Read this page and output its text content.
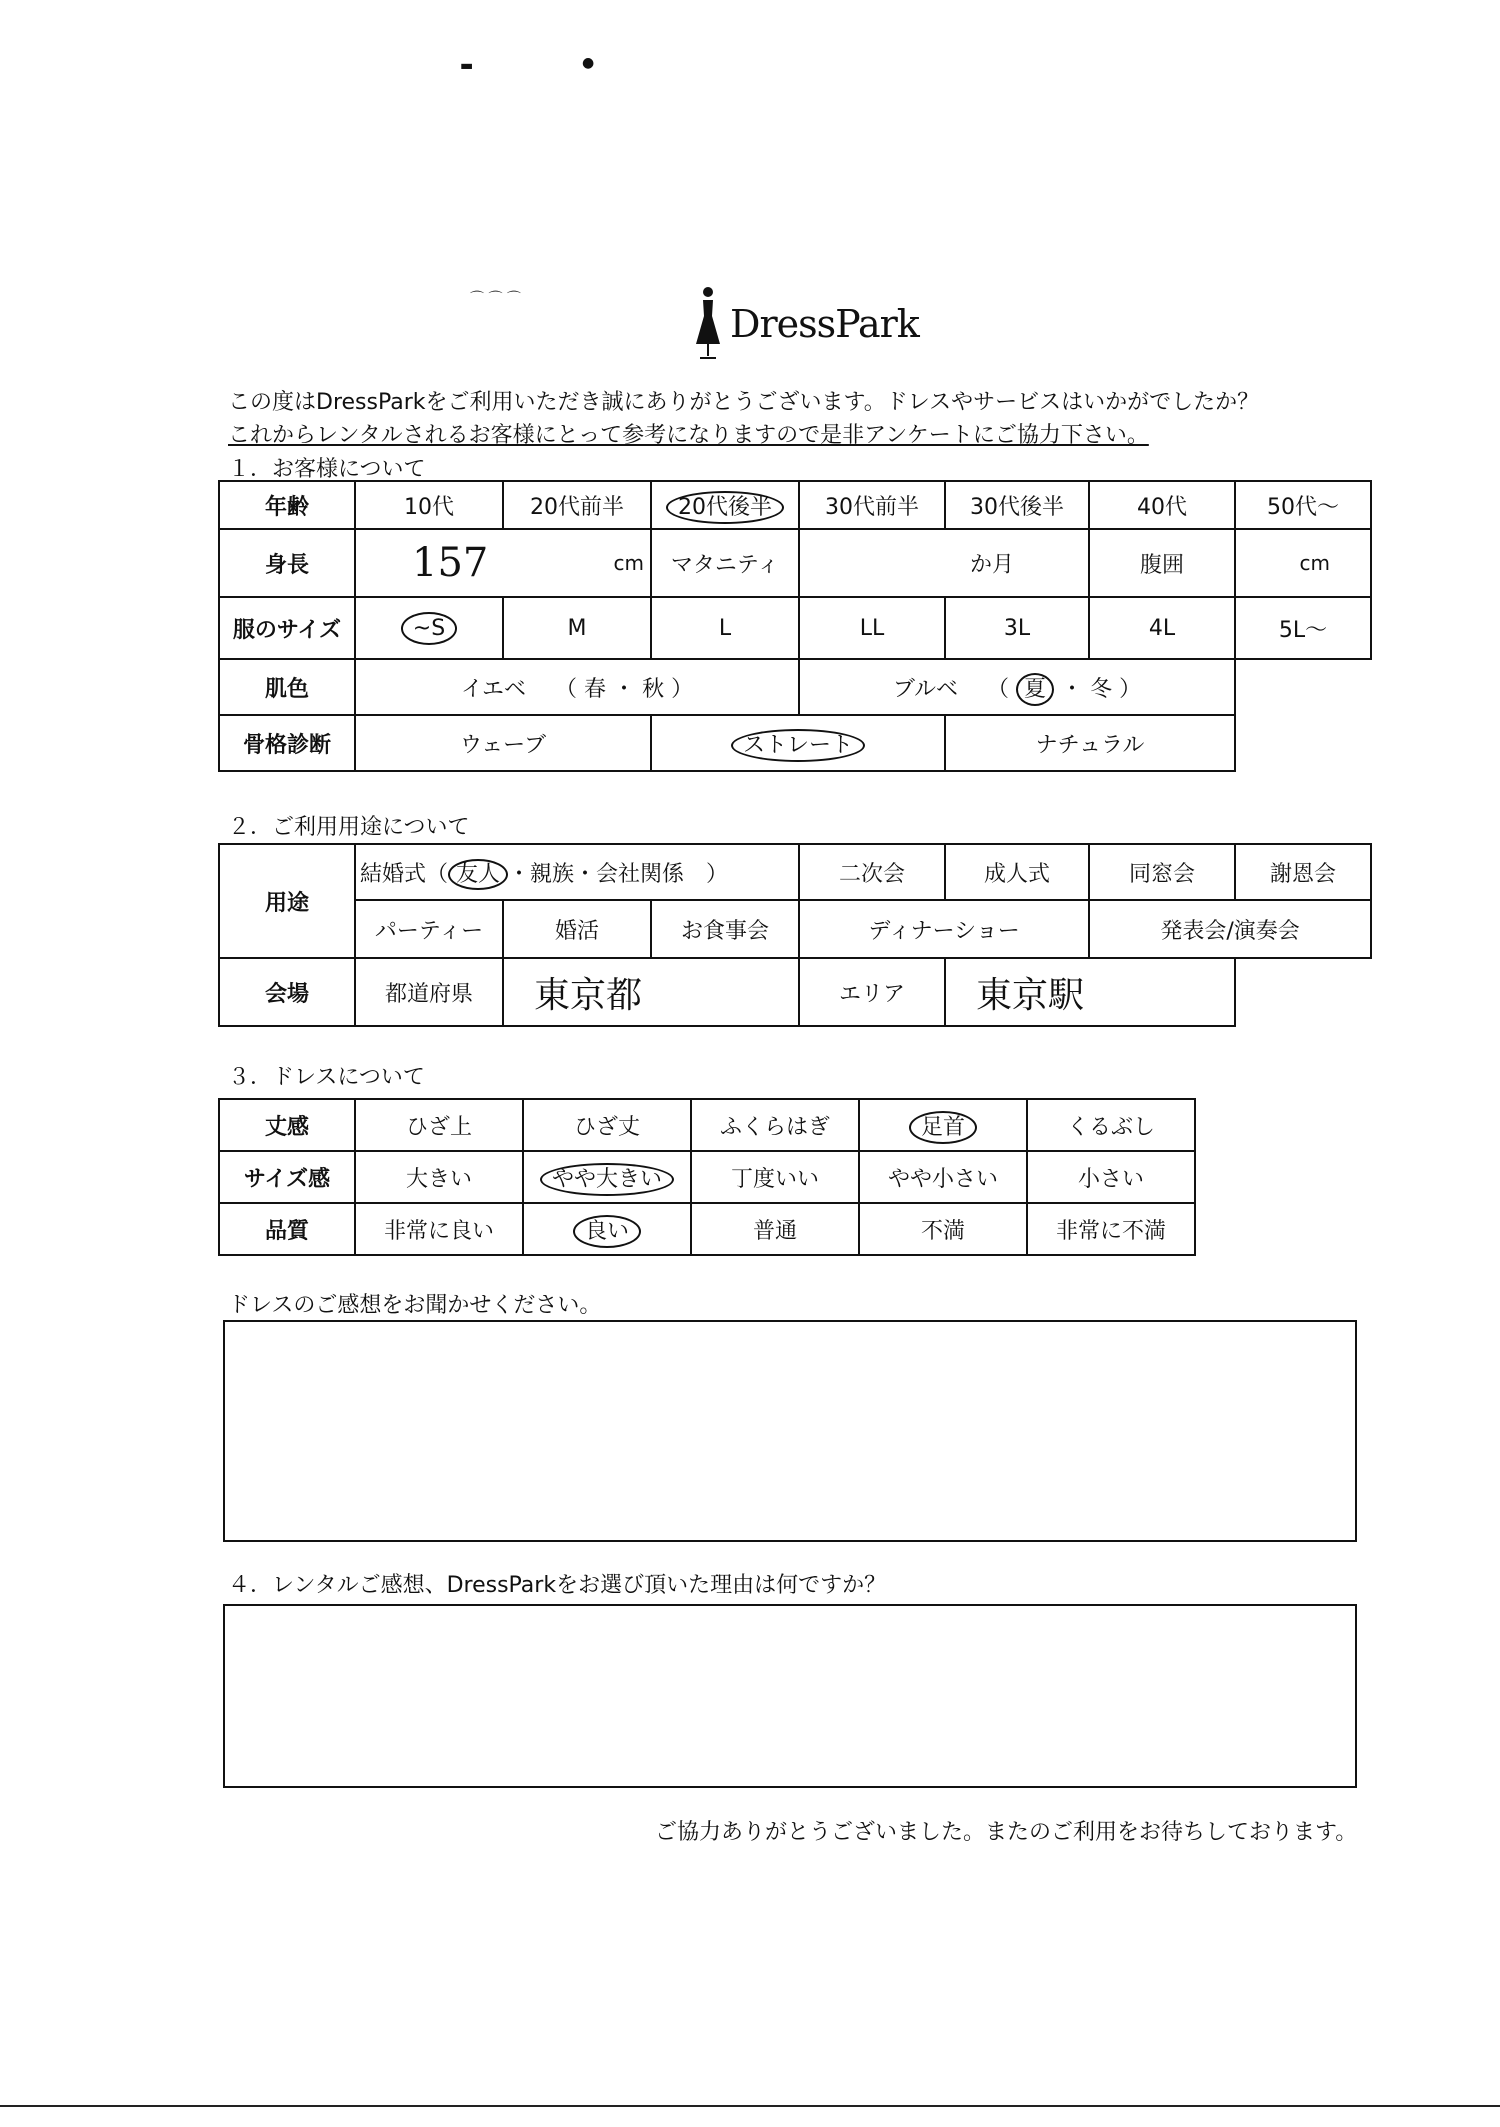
▬	●
⌒ ⌒ ⌒
DressPark
この度はDressParkをご利用いただき誠にありがとうございます。ドレスやサービスはいかがでしたか？
これからレンタルされるお客様にとって参考になりますので是非アンケートにご協力下さい。
１．お客様について
年齢	10代	20代前半	20代後半	30代前半	30代後半	40代	50代～
身長	157 cm		マタニティ	か月		腹囲	cm

服のサイズ	~S	M	L	LL	3L	4L	5L～
肌色	イエベ　 （ 春 ・ 秋 ）			ブルベ　 （ 夏 ・ 冬 ）			
骨格診断	ウェーブ		ストレート		ナチュラル		
２．ご利用用途について
用途	結婚式（ 友人 ・親族・会社関係　）			二次会	成人式	同窓会	謝恩会
	パーティー	婚活	お食事会	ディナーショー		発表会/演奏会	
会場	都道府県	東京都		エリア	東京駅		
３．ドレスについて
丈感	ひざ上	ひざ丈	ふくらはぎ	足首	くるぶし
サイズ感	大きい	やや大きい	丁度いい	やや小さい	小さい
品質	非常に良い	良い	普通	不満	非常に不満
ドレスのご感想をお聞かせください。
４．レンタルご感想、DressParkをお選び頂いた理由は何ですか？
ご協力ありがとうございました。またのご利用をお待ちしております。
